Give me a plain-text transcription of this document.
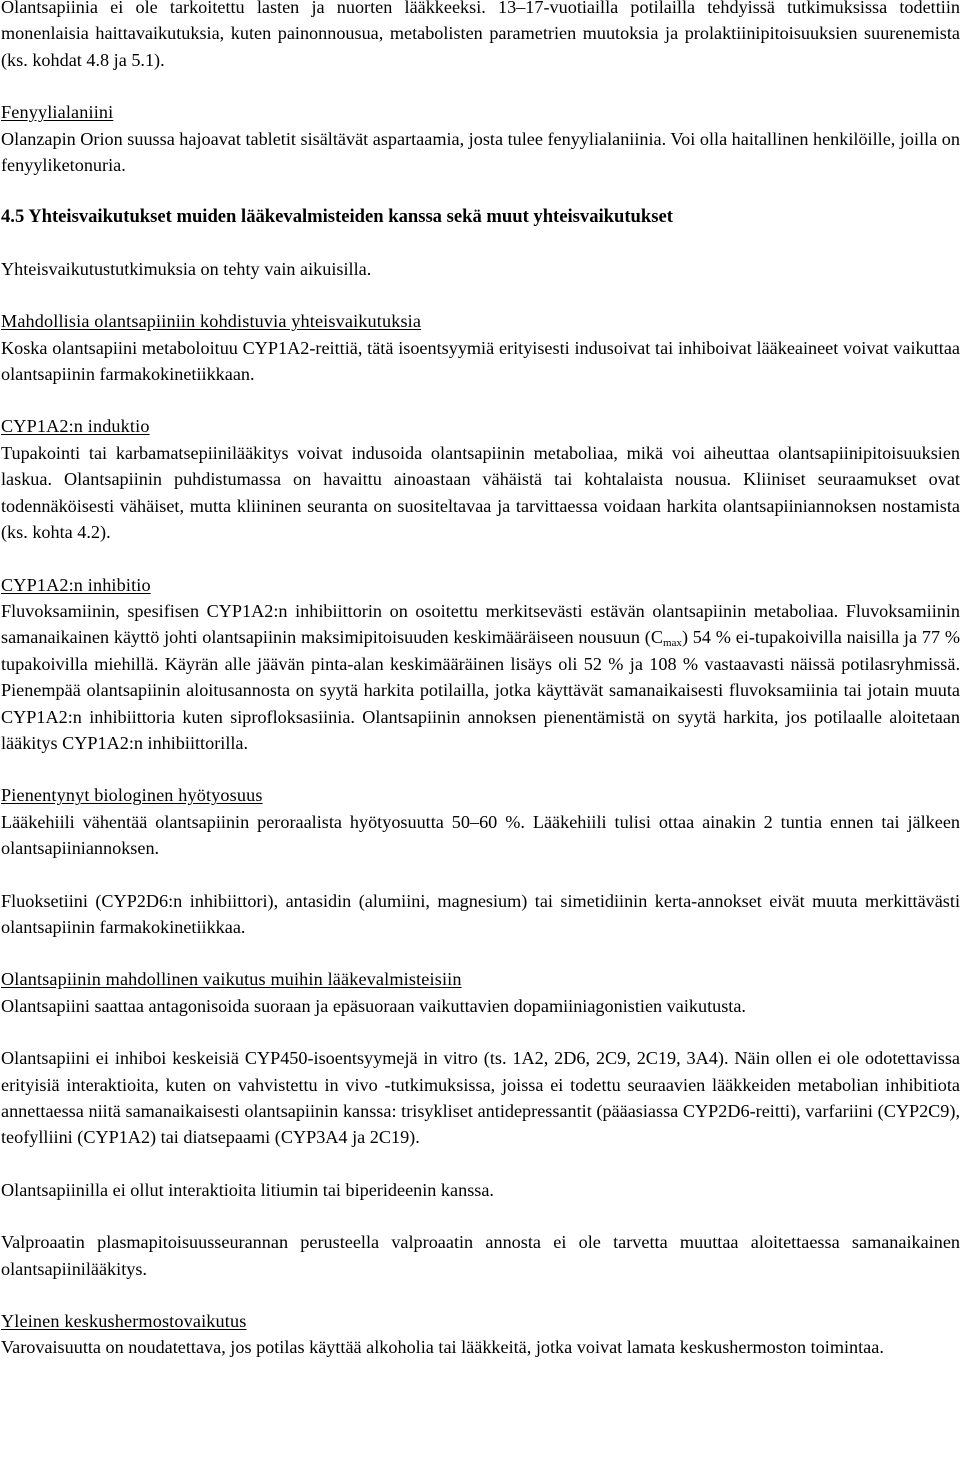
Olantsapiinia ei ole tarkoitettu lasten ja nuorten lääkkeeksi. 13–17-vuotiailla potilailla tehdyissä tutkimuksissa todettiin monenlaisia haittavaikutuksia, kuten painonnousua, metabolisten parametrien muutoksia ja prolaktiinipitoisuuksien suurenemista (ks. kohdat 4.8 ja 5.1).

Fenyylialaniini

Olanzapin Orion suussa hajoavat tabletit sisältävät aspartaamia, josta tulee fenyylialaniinia. Voi olla haitallinen henkilöille, joilla on fenyyliketonuria.

4.5 Yhteisvaikutukset muiden lääkevalmisteiden kanssa sekä muut yhteisvaikutukset

Yhteisvaikutustutkimuksia on tehty vain aikuisilla.

Mahdollisia olantsapiiniin kohdistuvia yhteisvaikutuksia

Koska olantsapiini metaboloituu CYP1A2-reittiä, tätä isoentsyymiä erityisesti indusoivat tai inhiboivat lääkeaineet voivat vaikuttaa olantsapiinin farmakokinetiikkaan.

CYP1A2:n induktio

Tupakointi tai karbamatsepiinilääkitys voivat indusoida olantsapiinin metaboliaa, mikä voi aiheuttaa olantsapiinipitoisuuksien laskua. Olantsapiinin puhdistumassa on havaittu ainoastaan vähäistä tai kohtalaista nousua. Kliiniset seuraamukset ovat todennäköisesti vähäiset, mutta kliininen seuranta on suositeltavaa ja tarvittaessa voidaan harkita olantsapiiniannoksen nostamista (ks. kohta 4.2).

CYP1A2:n inhibitio

Fluvoksamiinin, spesifisen CYP1A2:n inhibiittorin on osoitettu merkitsevästi estävän olantsapiinin metaboliaa. Fluvoksamiinin samanaikainen käyttö johti olantsapiinin maksimipitoisuuden keskimääräiseen nousuun $(C_{max})$ 54 % ei-tupakoivilla naisilla ja 77 % tupakoivilla miehillä. Käyrän alle jäävän pinta-alan keskimääräinen lisäys oli 52 % ja 108 % vastaavasti näissä potilasryhmissä. Pienempää olantsapiinin aloitusannosta on syytä harkita potilailla, jotka käyttävät samanaikaisesti fluvoksamiinia tai jotain muuta CYP1A2:n inhibiittoria kuten siprofloksasiinia. Olantsapiinin annoksen pienentämistä on syytä harkita, jos potilaalle aloitetaan lääkitys CYP1A2:n inhibiittorilla.

Pienentynyt biologinen hyötyosuus

Lääkehiili vähentää olantsapiinin peroraalista hyötyosuutta 50–60 %. Lääkehiili tulisi ottaa ainakin 2 tuntia ennen tai jälkeen olantsapiiniannoksen.

Fluoksetiini (CYP2D6:n inhibiittori), antasidin (alumiini, magnesium) tai simetidiinin kerta-annokset eivät muuta merkittävästi olantsapiinin farmakokinetiikkaa.

Olantsapiinin mahdollinen vaikutus muihin lääkevalmisteisiin

Olantsapiini saattaa antagonisoida suoraan ja epäsuoraan vaikuttavien dopamiiniagonistien vaikutusta.

Olantsapiini ei inhiboi keskeisiä CYP450-isoentsyymejä in vitro (ts. 1A2, 2D6, 2C9, 2C19, 3A4). Näin ollen ei ole odotettavissa erityisiä interaktioita, kuten on vahvistettu in vivo -tutkimuksissa, joissa ei todettu seuraavien lääkkeiden metabolian inhibitiota annettaessa niitä samanaikaisesti olantsapiinin kanssa: trisykliset antidepressantit (pääasiassa CYP2D6-reitti), varfariini (CYP2C9), teofylliini (CYP1A2) tai diatsepaami (CYP3A4 ja 2C19).

Olantsapiinilla ei ollut interaktioita litiumin tai biperideenin kanssa.

Valproaatin plasmapitoisuusseurannan perusteella valproaatin annosta ei ole tarvetta muuttaa aloitettaessa samanaikainen olantsapiinilääkitys.

Yleinen keskushermostovaikutus

Varovaisuutta on noudatettava, jos potilas käyttää alkoholia tai lääkkeitä, jotka voivat lamata keskushermoston toimintaa.
